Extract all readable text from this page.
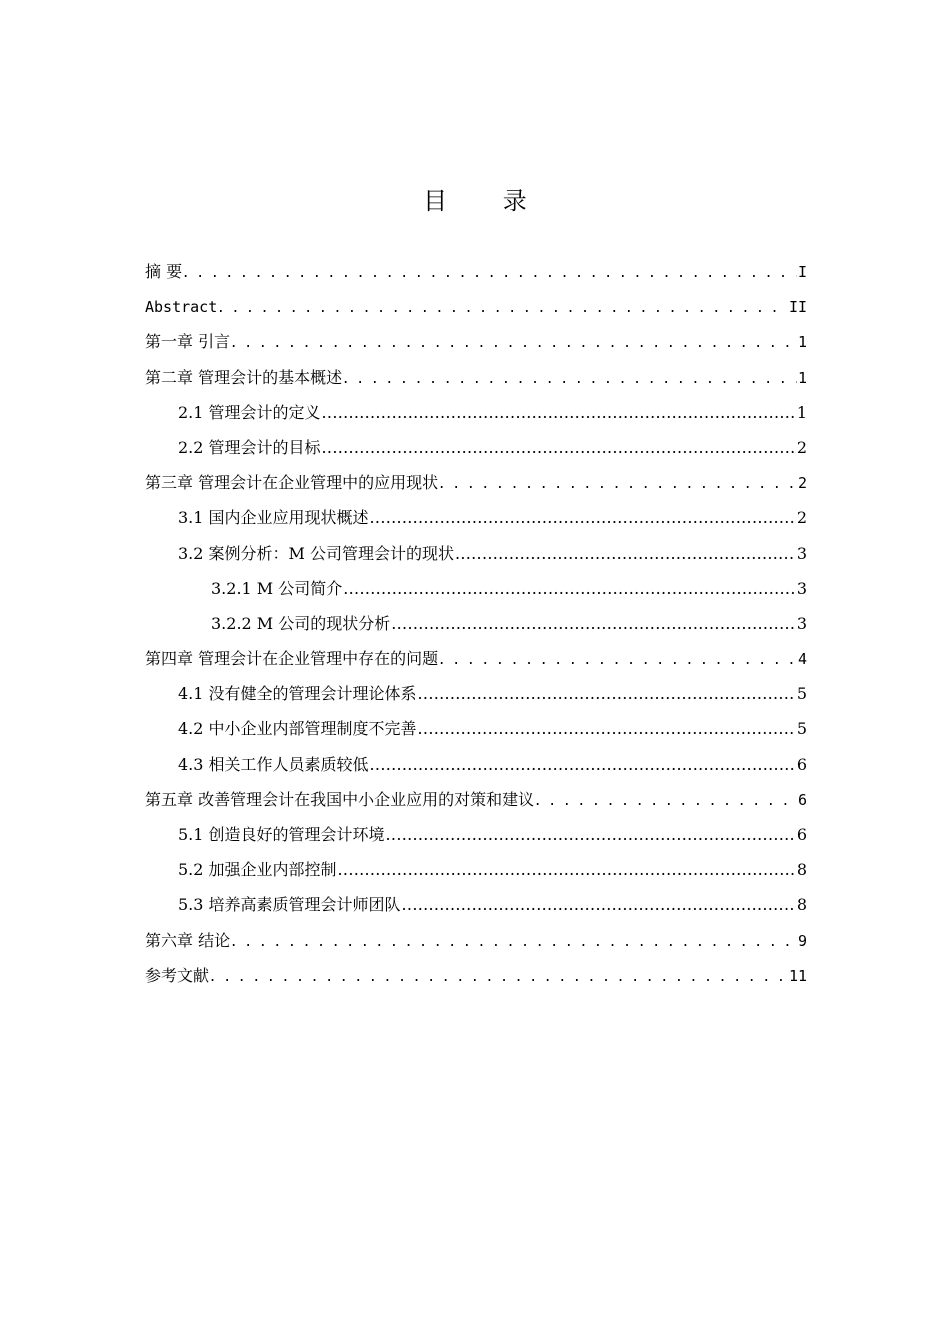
目 录
摘 要 . . .	I
Abstract . . .	II
第一章 引言 . . .	1
第二章 管理会计的基本概述 . . .	1
2.1 管理会计的定义 .....	1
2.2 管理会计的目标 .....	2
第三章 管理会计在企业管理中的应用现状 . . .	2
3.1 国内企业应用现状概述 .....	2
3.2 案例分析：M 公司管理会计的现状 .....	3
3.2.1 M 公司简介 .....	3
3.2.2 M 公司的现状分析 .....	3
第四章 管理会计在企业管理中存在的问题 . . .	4
4.1 没有健全的管理会计理论体系 .....	5
4.2 中小企业内部管理制度不完善 .....	5
4.3 相关工作人员素质较低 .....	6
第五章 改善管理会计在我国中小企业应用的对策和建议 . . .	6
5.1 创造良好的管理会计环境 .....	6
5.2 加强企业内部控制 .....	8
5.3 培养高素质管理会计师团队 .....	8
第六章 结论 . . .	9
参考文献 . . .	11
